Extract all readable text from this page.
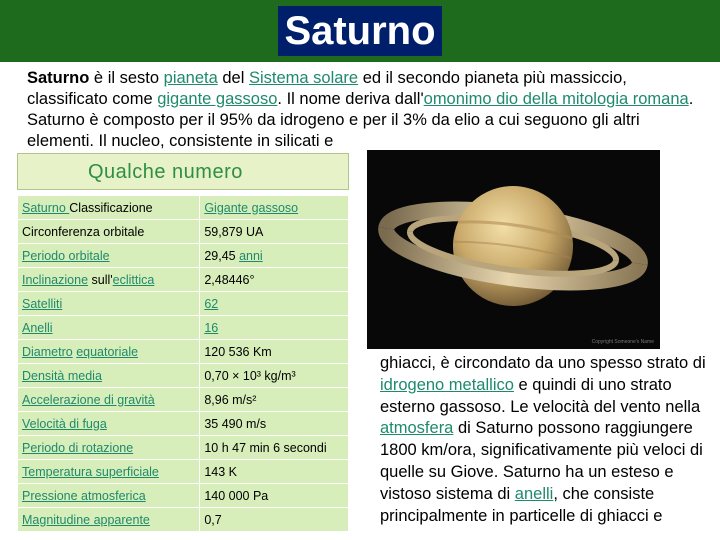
Saturno
Saturno è il sesto pianeta del Sistema solare ed il secondo pianeta più massiccio, classificato come gigante gassoso. Il nome deriva dall'omonimo dio della mitologia romana. Saturno è composto per il 95% da idrogeno e per il 3% da elio a cui seguono gli altri elementi. Il nucleo, consistente in silicati e
Qualche numero
Saturno Classificazione	Gigante gassoso
Circonferenza orbitale	59,879 UA
Periodo orbitale	29,45 anni
Inclinazione sull'eclittica	2,48446°
Satelliti	62
Anelli	16
Diametro equatoriale	120 536 Km
Densità media	0,70 × 10³ kg/m³
Accelerazione di gravità	8,96 m/s²
Velocità di fuga	35 490 m/s
Periodo di rotazione	10 h 47 min 6 secondi
Temperatura superficiale	143 K
Pressione atmosferica	140 000 Pa
Magnitudine apparente	0,7
Copyright Someone's Name
ghiacci, è circondato da uno spesso strato di idrogeno metallico e quindi di uno strato esterno gassoso. Le velocità del vento nella atmosfera di Saturno possono raggiungere 1800 km/ora, significativamente più veloci di quelle su Giove. Saturno ha un esteso e vistoso sistema di anelli, che consiste principalmente in particelle di ghiacci e
